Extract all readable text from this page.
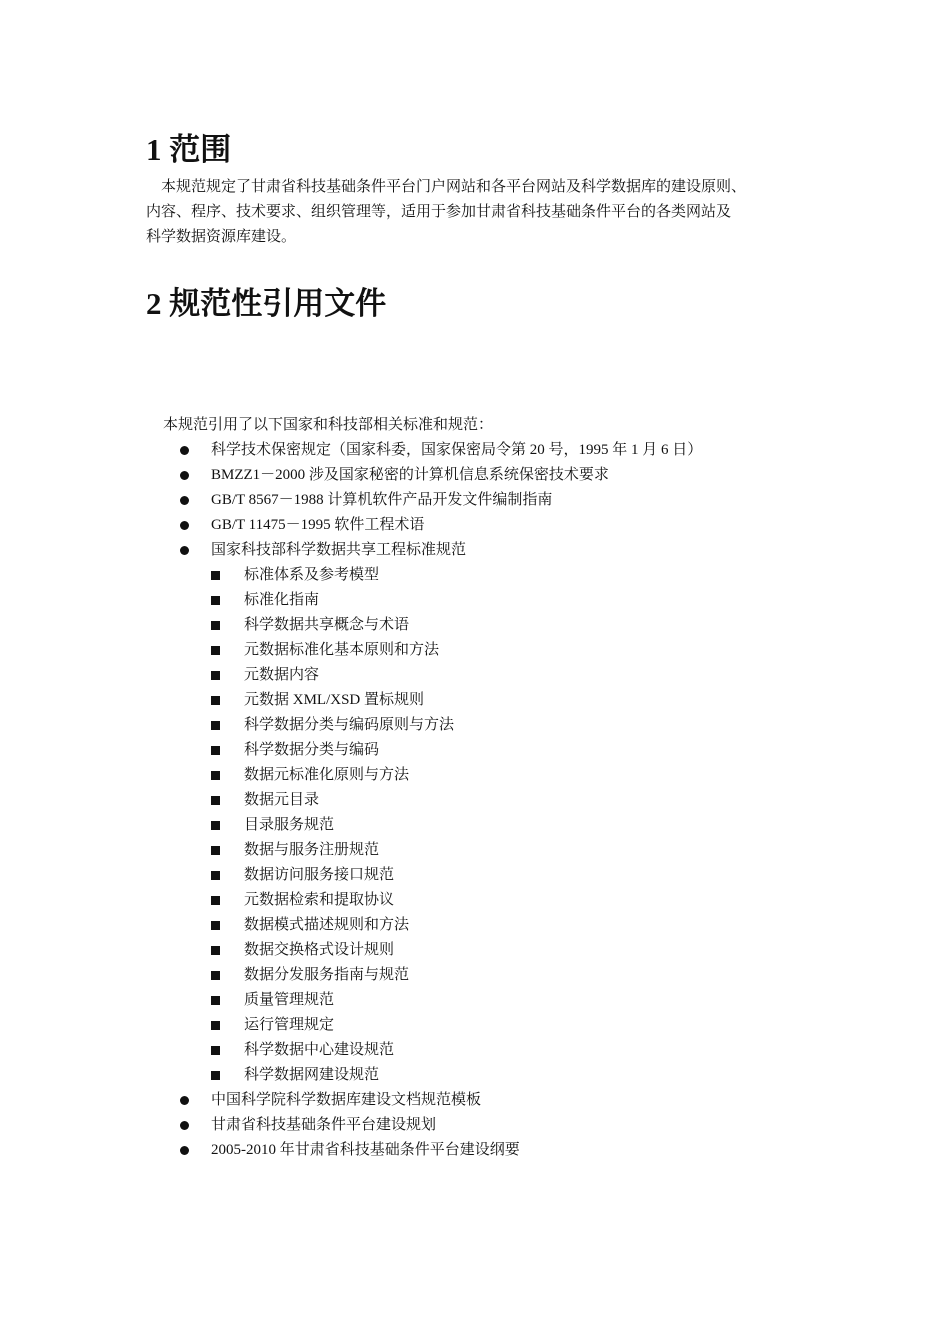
1 范围

本规范规定了甘肃省科技基础条件平台门户网站和各平台网站及科学数据库的建设原则、
内容、程序、技术要求、组织管理等，适用于参加甘肃省科技基础条件平台的各类网站及
科学数据资源库建设。

2 规范性引用文件

本规范引用了以下国家和科技部相关标准和规范：

科学技术保密规定（国家科委，国家保密局令第 20 号，1995 年 1 月 6 日）
BMZZ1－2000 涉及国家秘密的计算机信息系统保密技术要求
GB/T 8567－1988 计算机软件产品开发文件编制指南
GB/T 11475－1995 软件工程术语
国家科技部科学数据共享工程标准规范
标准体系及参考模型
标准化指南
科学数据共享概念与术语
元数据标准化基本原则和方法
元数据内容
元数据 XML/XSD 置标规则
科学数据分类与编码原则与方法
科学数据分类与编码
数据元标准化原则与方法
数据元目录
目录服务规范
数据与服务注册规范
数据访问服务接口规范
元数据检索和提取协议
数据模式描述规则和方法
数据交换格式设计规则
数据分发服务指南与规范
质量管理规范
运行管理规定
科学数据中心建设规范
科学数据网建设规范
中国科学院科学数据库建设文档规范模板
甘肃省科技基础条件平台建设规划
2005-2010 年甘肃省科技基础条件平台建设纲要
